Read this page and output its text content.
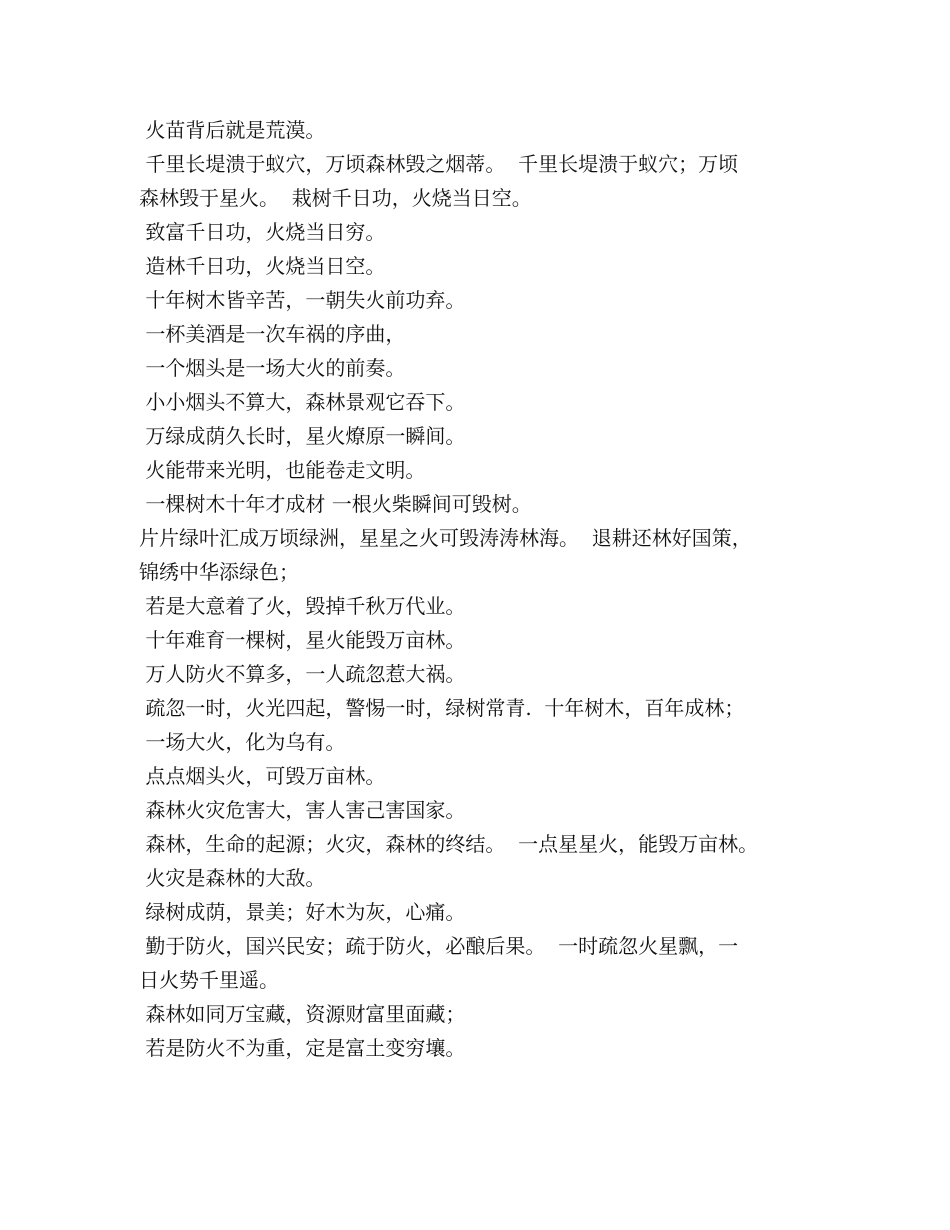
火苗背后就是荒漠。
千里长堤溃于蚁穴，万顷森林毁之烟蒂。  千里长堤溃于蚁穴；万顷
森林毁于星火。  栽树千日功，火烧当日空。
致富千日功，火烧当日穷。
造林千日功，火烧当日空。
十年树木皆辛苦，一朝失火前功弃。
一杯美酒是一次车祸的序曲，
一个烟头是一场大火的前奏。
小小烟头不算大，森林景观它吞下。
万绿成荫久长时，星火燎原一瞬间。
火能带来光明，也能卷走文明。
一棵树木十年才成材 一根火柴瞬间可毁树。
片片绿叶汇成万顷绿洲，星星之火可毁涛涛林海。  退耕还林好国策，
锦绣中华添绿色；
若是大意着了火，毁掉千秋万代业。
十年难育一棵树，星火能毁万亩林。
万人防火不算多，一人疏忽惹大祸。
疏忽一时，火光四起，警惕一时，绿树常青.  十年树木，百年成林；
一场大火，化为乌有。
点点烟头火，可毁万亩林。
森林火灾危害大，害人害己害国家。
森林，生命的起源；火灾，森林的终结。  一点星星火，能毁万亩林。
火灾是森林的大敌。
绿树成荫，景美；好木为灰，心痛。
勤于防火，国兴民安；疏于防火，必酿后果。  一时疏忽火星飘，一
日火势千里遥。
森林如同万宝藏，资源财富里面藏；
若是防火不为重，定是富土变穷壤。
